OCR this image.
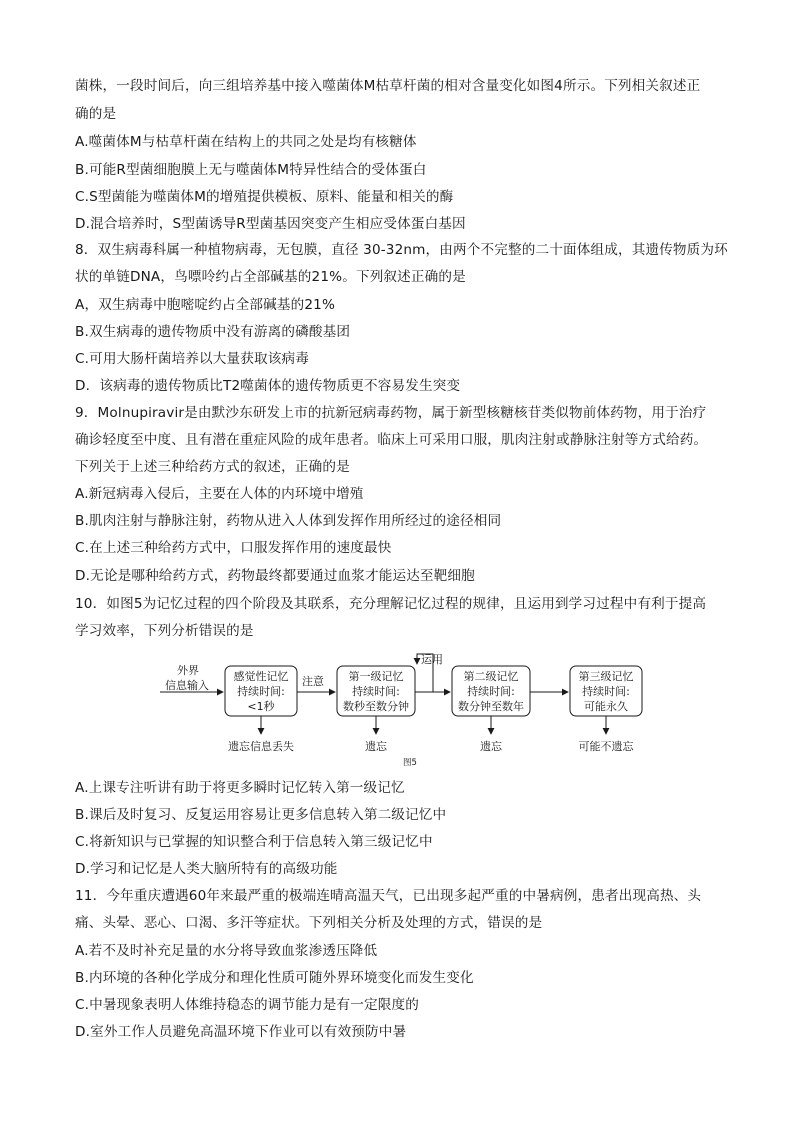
菌株，一段时间后，向三组培养基中接入噬菌体M枯草杆菌的相对含量变化如图4所示。下列相关叙述正
确的是
A.噬菌体M与枯草杆菌在结构上的共同之处是均有核糖体
B.可能R型菌细胞膜上无与噬菌体M特异性结合的受体蛋白
C.S型菌能为噬菌体M的增殖提供模板、原料、能量和相关的酶
D.混合培养时，S型菌诱导R型菌基因突变产生相应受体蛋白基因
8．双生病毒科属一种植物病毒，无包膜，直径 30-32nm，由两个不完整的二十面体组成，其遗传物质为环
状的单链DNA，鸟嘌呤约占全部碱基的21%。下列叙述正确的是
A，双生病毒中胞嘧啶约占全部碱基的21%
B.双生病毒的遗传物质中没有游离的磷酸基团
C.可用大肠杆菌培养以大量获取该病毒
D．该病毒的遗传物质比T2噬菌体的遗传物质更不容易发生突变
9．Molnupiravir是由默沙东研发上市的抗新冠病毒药物，属于新型核糖核苷类似物前体药物，用于治疗
确诊轻度至中度、且有潜在重症风险的成年患者。临床上可采用口服，肌肉注射或静脉注射等方式给药。
下列关于上述三种给药方式的叙述，正确的是
A.新冠病毒入侵后，主要在人体的内环境中增殖
B.肌肉注射与静脉注射，药物从进入人体到发挥作用所经过的途径相同
C.在上述三种给药方式中，口服发挥作用的速度最快
D.无论是哪种给药方式，药物最终都要通过血浆才能运达至靶细胞
10．如图5为记忆过程的四个阶段及其联系，充分理解记忆过程的规律，且运用到学习过程中有利于提高
学习效率，下列分析错误的是
外界
信息输入
感觉性记忆
持续时间:
<1秒
注意 第一级记忆
持续时间:
数秒至数分钟
运用
第二级记忆
持续时间:
数分钟至数年
第三级记忆
持续时间:
可能永久
遗忘信息丢失	遗忘	遗忘	可能不遗忘
图5
A.上课专注听讲有助于将更多瞬时记忆转入第一级记忆
B.课后及时复习、反复运用容易让更多信息转入第二级记忆中
C.将新知识与已掌握的知识整合利于信息转入第三级记忆中
D.学习和记忆是人类大脑所特有的高级功能
11．今年重庆遭遇60年来最严重的极端连晴高温天气，已出现多起严重的中暑病例，患者出现高热、头
痛、头晕、恶心、口渴、多汗等症状。下列相关分析及处理的方式，错误的是
A.若不及时补充足量的水分将导致血浆渗透压降低
B.内环境的各种化学成分和理化性质可随外界环境变化而发生变化
C.中暑现象表明人体维持稳态的调节能力是有一定限度的
D.室外工作人员避免高温环境下作业可以有效预防中暑
